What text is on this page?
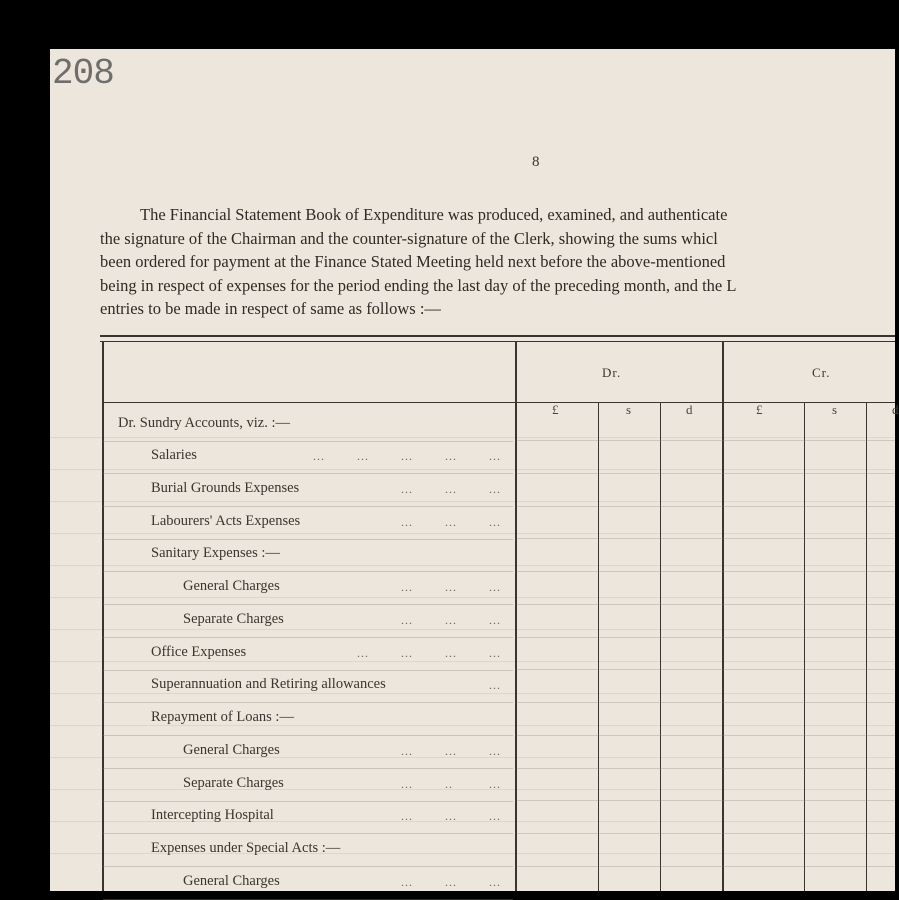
208
8
The Financial Statement Book of Expenditure was produced, examined, and authenticate
the signature of the Chairman and the counter-signature of the Clerk, showing the sums whicl
been ordered for payment at the Finance Stated Meeting held next before the above-mentioned
being in respect of expenses for the period ending the last day of the preceding month, and the L
entries to be made in respect of same as follows :—
Dr.	Cr.
£	s	d	£	s	d
Dr. Sundry Accounts, viz. :—
Salaries	...        ...        ...        ...        ...
Burial Grounds Expenses	...        ...        ...
Labourers' Acts Expenses	...        ...        ...
Sanitary Expenses :—
General Charges	...        ...        ...
Separate Charges	...        ...        ...
Office Expenses	...        ...        ...        ...
Superannuation and Retiring allowances	...
Repayment of Loans :—
General Charges	...        ...        ...
Separate Charges	...        ..         ...
Intercepting Hospital	...        ...        ...
Expenses under Special Acts :—
General Charges	...        ...        ...
